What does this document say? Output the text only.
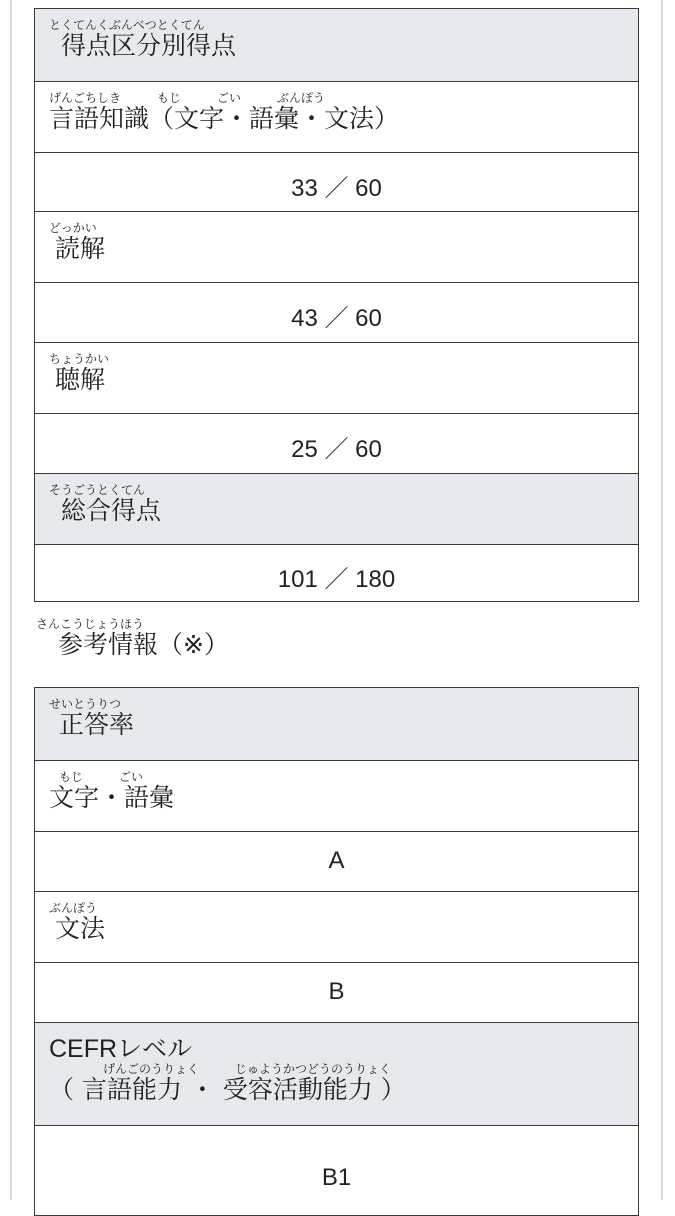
とくてんくぶんべつとくてん
得点区分別得点
げんごちしき　　　もじ　　　ごい　　　ぶんぽう
言語知識（文字・語彙・文法）
33 ／ 60
どっかい
読解
43 ／ 60
ちょうかい
聴解
25 ／ 60
そうごうとくてん
総合得点
101 ／ 180
さんこうじょうほう
参考情報（※）
せいとうりつ
正答率
もじ　　　ごい
文字・語彙
A
ぶんぽう
文法
B
CEFRレベル
げんごのうりょく　　　じゅようかつどうのうりょく
（ 言語能力 ・ 受容活動能力 ）
B1
